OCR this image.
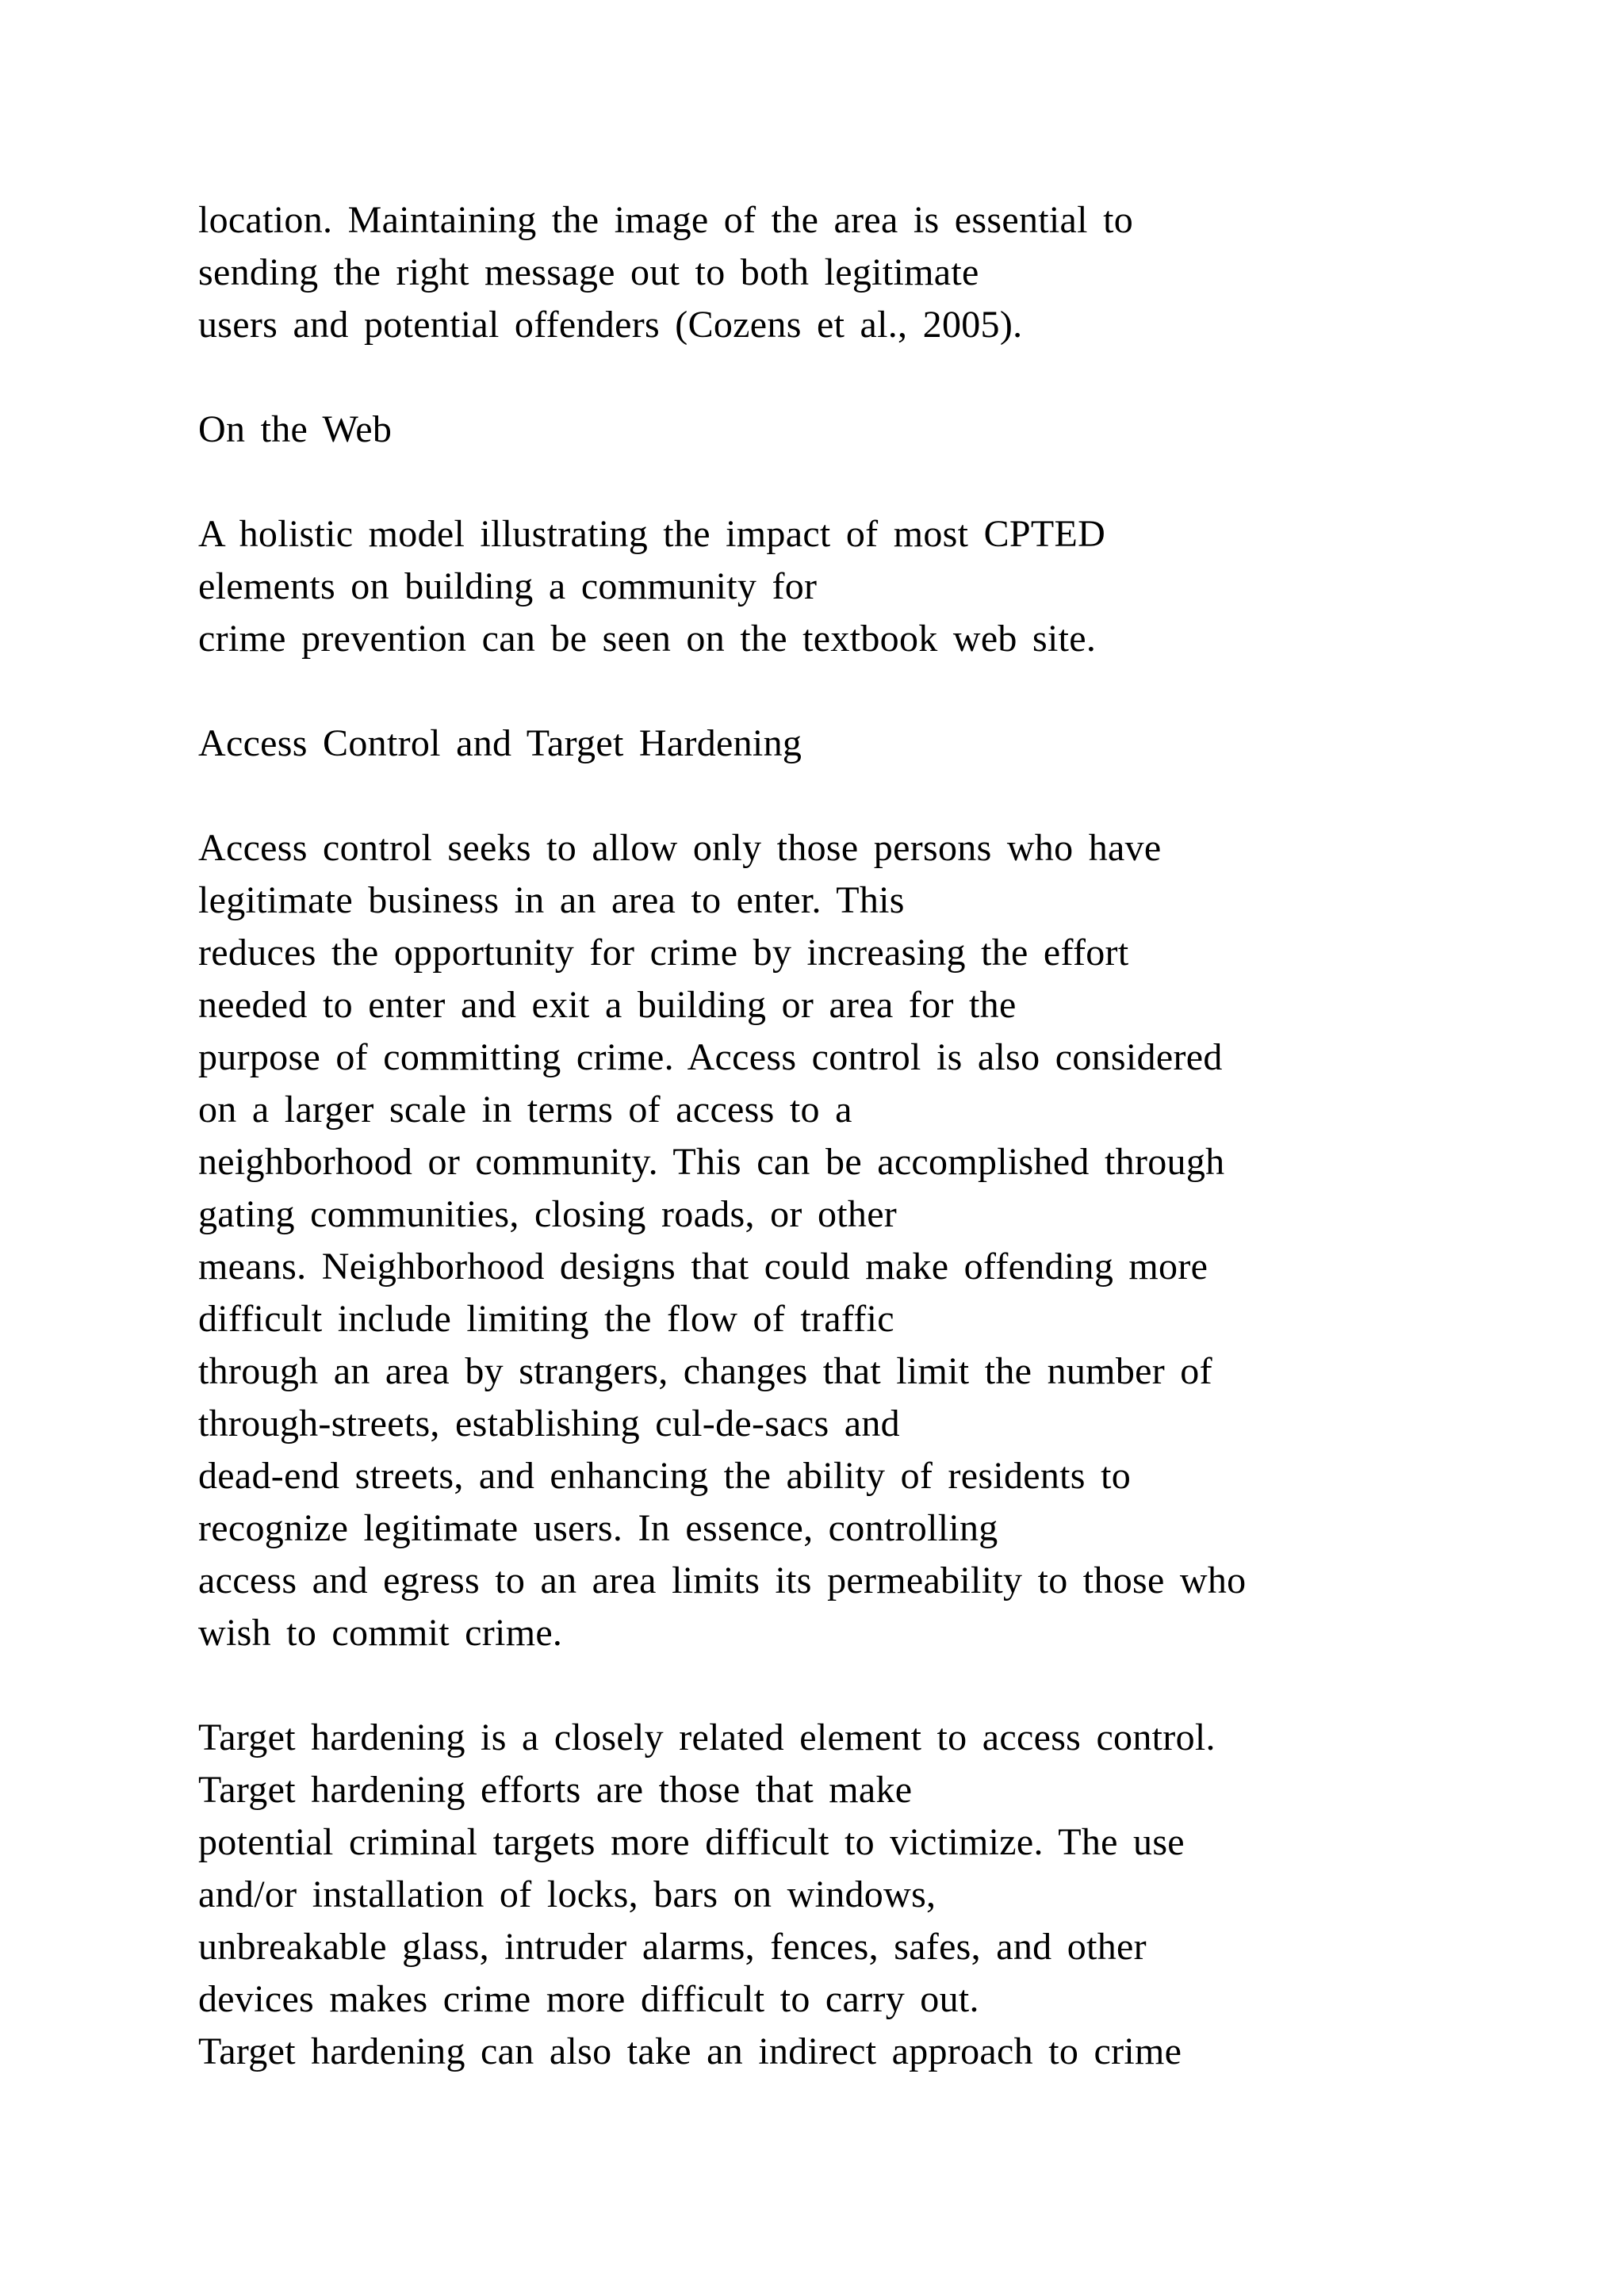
location. Maintaining the image of the area is essential to
sending the right message out to both legitimate
users and potential offenders (Cozens et al., 2005).
On the Web
A holistic model illustrating the impact of most CPTED
elements on building a community for
crime prevention can be seen on the textbook web site.
Access Control and Target Hardening
Access control seeks to allow only those persons who have
legitimate business in an area to enter. This
reduces the opportunity for crime by increasing the effort
needed to enter and exit a building or area for the
purpose of committing crime. Access control is also considered
on a larger scale in terms of access to a
neighborhood or community. This can be accomplished through
gating communities, closing roads, or other
means. Neighborhood designs that could make offending more
difficult include limiting the flow of traffic
through an area by strangers, changes that limit the number of
through-streets, establishing cul-de-sacs and
dead-end streets, and enhancing the ability of residents to
recognize legitimate users. In essence, controlling
access and egress to an area limits its permeability to those who
wish to commit crime.
Target hardening is a closely related element to access control.
Target hardening efforts are those that make
potential criminal targets more difficult to victimize. The use
and/or installation of locks, bars on windows,
unbreakable glass, intruder alarms, fences, safes, and other
devices makes crime more difficult to carry out.
Target hardening can also take an indirect approach to crime
